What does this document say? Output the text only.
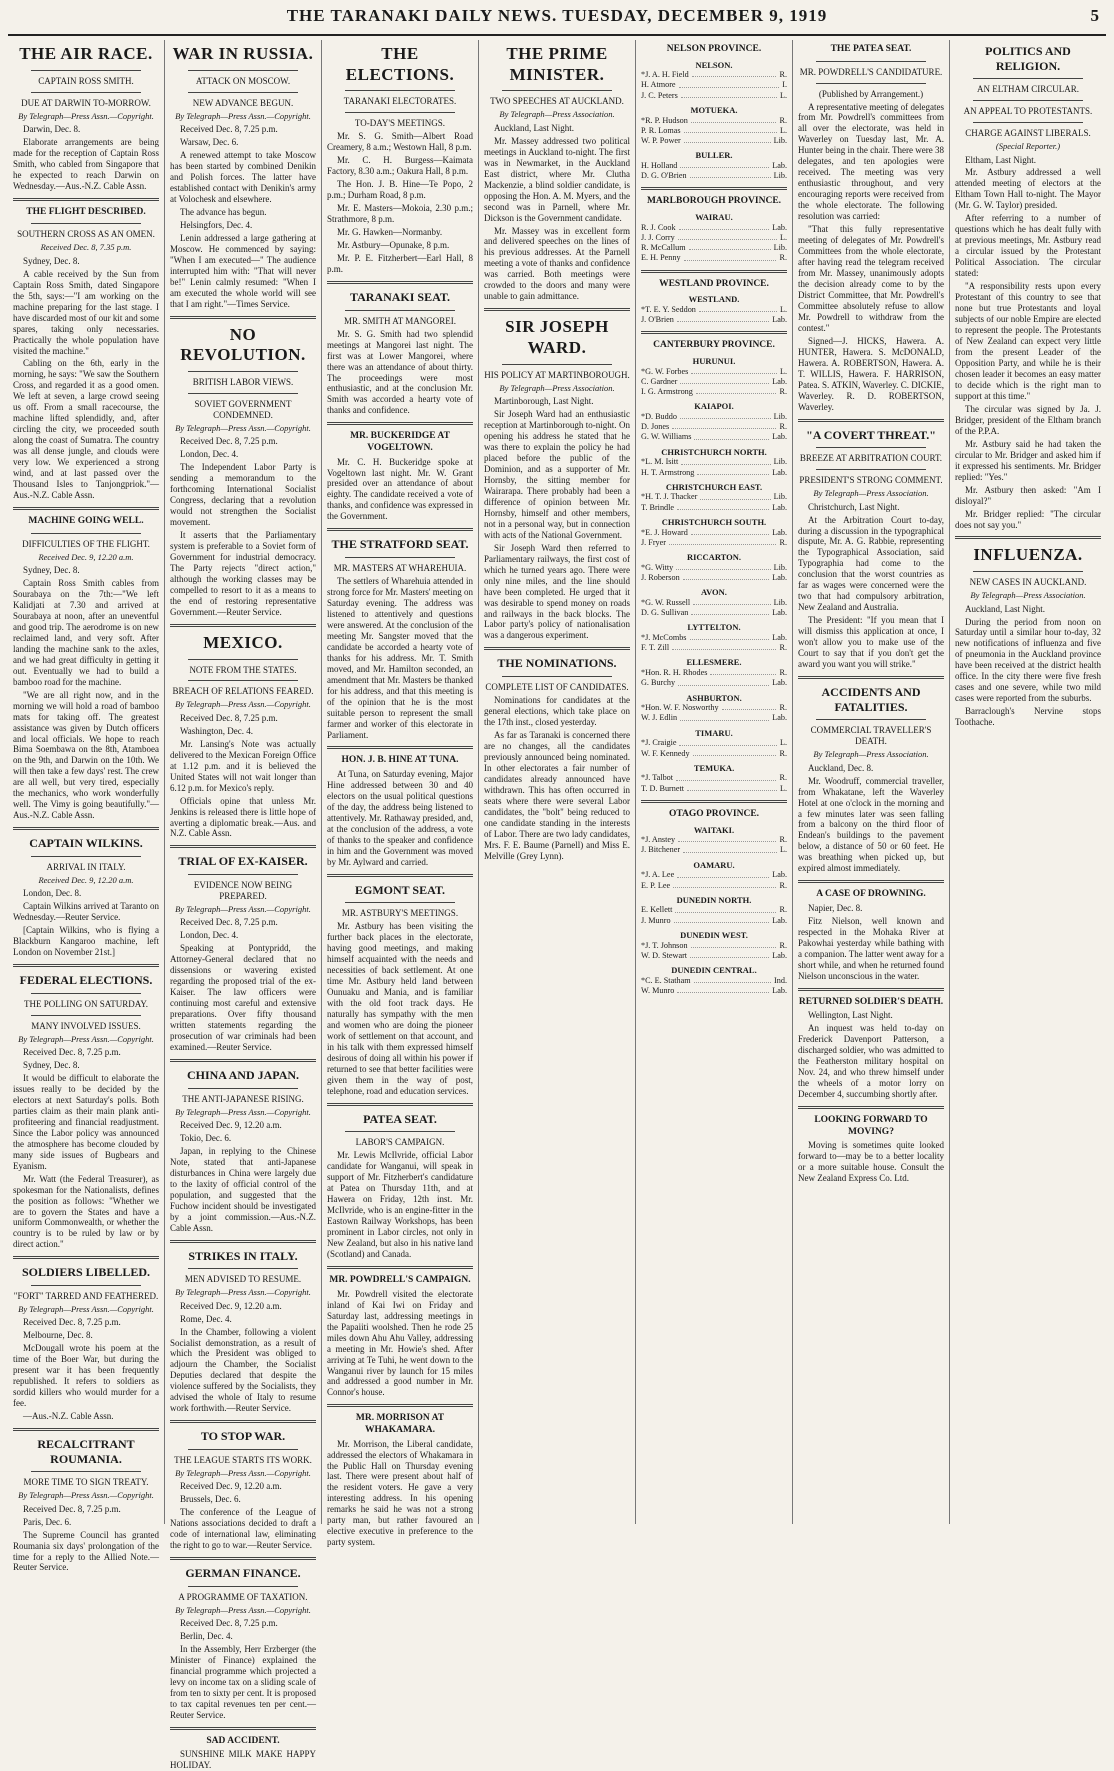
THE TARANAKI DAILY NEWS. TUESDAY, DECEMBER 9, 1919	5
THE AIR RACE.
CAPTAIN ROSS SMITH.
DUE AT DARWIN TO-MORROW.
By Telegraph—Press Assn.—Copyright.

Darwin, Dec. 8.

Elaborate arrangements are being made for the reception of Captain Ross Smith, who cabled from Singapore that he expected to reach Darwin on Wednesday.—Aus.-N.Z. Cable Assn.

THE FLIGHT DESCRIBED.
SOUTHERN CROSS AS AN OMEN.
Received Dec. 8, 7.35 p.m.

Sydney, Dec. 8.

A cable received by the Sun from Captain Ross Smith, dated Singapore the 5th, says:—"I am working on the machine preparing for the last stage. I have discarded most of our kit and some spares, taking only necessaries. Practically the whole population have visited the machine."

Cabling on the 6th, early in the morning, he says: "We saw the Southern Cross, and regarded it as a good omen. We left at seven, a large crowd seeing us off. From a small racecourse, the machine lifted splendidly, and, after circling the city, we proceeded south along the coast of Sumatra. The country was all dense jungle, and clouds were very low. We experienced a strong wind, and at last passed over the Thousand Isles to Tanjongpriok."—Aus.-N.Z. Cable Assn.

MACHINE GOING WELL.
DIFFICULTIES OF THE FLIGHT.
Received Dec. 9, 12.20 a.m.

Sydney, Dec. 8.

Captain Ross Smith cables from Sourabaya on the 7th:—"We left Kalidjati at 7.30 and arrived at Sourabaya at noon, after an uneventful and good trip. The aerodrome is on new reclaimed land, and very soft. After landing the machine sank to the axles, and we had great difficulty in getting it out. Eventually we had to build a bamboo road for the machine.

"We are all right now, and in the morning we will hold a road of bamboo mats for taking off. The greatest assistance was given by Dutch officers and local officials. We hope to reach Bima Soembawa on the 8th, Atamboea on the 9th, and Darwin on the 10th. We will then take a few days' rest. The crew are all well, but very tired, especially the mechanics, who work wonderfully well. The Vimy is going beautifully."—Aus.-N.Z. Cable Assn.

CAPTAIN WILKINS.
ARRIVAL IN ITALY.
Received Dec. 9, 12.20 a.m.

London, Dec. 8.

Captain Wilkins arrived at Taranto on Wednesday.—Reuter Service.

[Captain Wilkins, who is flying a Blackburn Kangaroo machine, left London on November 21st.]

FEDERAL ELECTIONS.
THE POLLING ON SATURDAY.
MANY INVOLVED ISSUES.
By Telegraph—Press Assn.—Copyright.

Received Dec. 8, 7.25 p.m.

Sydney, Dec. 8.

It would be difficult to elaborate the issues really to be decided by the electors at next Saturday's polls. Both parties claim as their main plank anti-profiteering and financial readjustment. Since the Labor policy was announced the atmosphere has become clouded by many side issues of Bugbears and Eyanism.

Mr. Watt (the Federal Treasurer), as spokesman for the Nationalists, defines the position as follows: "Whether we are to govern the States and have a uniform Commonwealth, or whether the country is to be ruled by law or by direct action."

SOLDIERS LIBELLED.
"FORT" TARRED AND FEATHERED.
By Telegraph—Press Assn.—Copyright.

Received Dec. 8, 7.25 p.m.

Melbourne, Dec. 8.

McDougall wrote his poem at the time of the Boer War, but during the present war it has been frequently republished. It refers to soldiers as sordid killers who would murder for a fee.

—Aus.-N.Z. Cable Assn.

RECALCITRANT ROUMANIA.
MORE TIME TO SIGN TREATY.
By Telegraph—Press Assn.—Copyright.

Received Dec. 8, 7.25 p.m.

Paris, Dec. 6.

The Supreme Council has granted Roumania six days' prolongation of the time for a reply to the Allied Note.—Reuter Service.

WAR IN RUSSIA.
ATTACK ON MOSCOW.
NEW ADVANCE BEGUN.
By Telegraph—Press Assn.—Copyright.

Received Dec. 8, 7.25 p.m.

Warsaw, Dec. 6.

A renewed attempt to take Moscow has been started by combined Denikin and Polish forces. The latter have established contact with Denikin's army at Volochesk and elsewhere.

The advance has begun.

Helsingfors, Dec. 4.

Lenin addressed a large gathering at Moscow. He commenced by saying: "When I am executed—" The audience interrupted him with: "That will never be!" Lenin calmly resumed: "When I am executed the whole world will see that I am right."—Times Service.

NO REVOLUTION.
BRITISH LABOR VIEWS.
SOVIET GOVERNMENT CONDEMNED.
By Telegraph—Press Assn.—Copyright.

Received Dec. 8, 7.25 p.m.

London, Dec. 4.

The Independent Labor Party is sending a memorandum to the forthcoming International Socialist Congress, declaring that a revolution would not strengthen the Socialist movement.

It asserts that the Parliamentary system is preferable to a Soviet form of Government for industrial democracy. The Party rejects "direct action," although the working classes may be compelled to resort to it as a means to the end of restoring representative Government.—Reuter Service.

MEXICO.
NOTE FROM THE STATES.
BREACH OF RELATIONS FEARED.
By Telegraph—Press Assn.—Copyright.

Received Dec. 8, 7.25 p.m.

Washington, Dec. 4.

Mr. Lansing's Note was actually delivered to the Mexican Foreign Office at 1.12 p.m. and it is believed the United States will not wait longer than 6.12 p.m. for Mexico's reply.

Officials opine that unless Mr. Jenkins is released there is little hope of averting a diplomatic break.—Aus. and N.Z. Cable Assn.

TRIAL OF EX-KAISER.
EVIDENCE NOW BEING PREPARED.
By Telegraph—Press Assn.—Copyright.

Received Dec. 8, 7.25 p.m.

London, Dec. 4.

Speaking at Pontypridd, the Attorney-General declared that no dissensions or wavering existed regarding the proposed trial of the ex-Kaiser. The law officers were continuing most careful and extensive preparations. Over fifty thousand written statements regarding the prosecution of war criminals had been examined.—Reuter Service.

CHINA AND JAPAN.
THE ANTI-JAPANESE RISING.
By Telegraph—Press Assn.—Copyright.

Received Dec. 9, 12.20 a.m.

Tokio, Dec. 6.

Japan, in replying to the Chinese Note, stated that anti-Japanese disturbances in China were largely due to the laxity of official control of the population, and suggested that the Fuchow incident should be investigated by a joint commission.—Aus.-N.Z. Cable Assn.

STRIKES IN ITALY.
MEN ADVISED TO RESUME.
By Telegraph—Press Assn.—Copyright.

Received Dec. 9, 12.20 a.m.

Rome, Dec. 4.

In the Chamber, following a violent Socialist demonstration, as a result of which the President was obliged to adjourn the Chamber, the Socialist Deputies declared that despite the violence suffered by the Socialists, they advised the whole of Italy to resume work forthwith.—Reuter Service.

TO STOP WAR.
THE LEAGUE STARTS ITS WORK.
By Telegraph—Press Assn.—Copyright.

Received Dec. 9, 12.20 a.m.

Brussels, Dec. 6.

The conference of the League of Nations associations decided to draft a code of international law, eliminating the right to go to war.—Reuter Service.

GERMAN FINANCE.
A PROGRAMME OF TAXATION.
By Telegraph—Press Assn.—Copyright.

Received Dec. 8, 7.25 p.m.

Berlin, Dec. 4.

In the Assembly, Herr Erzberger (the Minister of Finance) explained the financial programme which projected a levy on income tax on a sliding scale of from ten to sixty per cent. It is proposed to tax capital revenues ten per cent.—Reuter Service.

SAD ACCIDENT.

SUNSHINE MILK MAKE HAPPY HOLIDAY.

THE ELECTIONS.
TARANAKI ELECTORATES.
TO-DAY'S MEETINGS.

Mr. S. G. Smith—Albert Road Creamery, 8 a.m.; Westown Hall, 8 p.m.

Mr. C. H. Burgess—Kaimata Factory, 8.30 a.m.; Oakura Hall, 8 p.m.

The Hon. J. B. Hine—Te Popo, 2 p.m.; Durham Road, 8 p.m.

Mr. E. Masters—Mokoia, 2.30 p.m.; Strathmore, 8 p.m.

Mr. G. Hawken—Normanby.

Mr. Astbury—Opunake, 8 p.m.

Mr. P. E. Fitzherbert—Earl Hall, 8 p.m.

TARANAKI SEAT.
MR. SMITH AT MANGOREI.

Mr. S. G. Smith had two splendid meetings at Mangorei last night. The first was at Lower Mangorei, where there was an attendance of about thirty. The proceedings were most enthusiastic, and at the conclusion Mr. Smith was accorded a hearty vote of thanks and confidence.

MR. BUCKERIDGE AT VOGELTOWN.

Mr. C. H. Buckeridge spoke at Vogeltown last night. Mr. W. Grant presided over an attendance of about eighty. The candidate received a vote of thanks, and confidence was expressed in the Government.

THE STRATFORD SEAT.
MR. MASTERS AT WHAREHUIA.

The settlers of Wharehuia attended in strong force for Mr. Masters' meeting on Saturday evening. The address was listened to attentively and questions were answered. At the conclusion of the meeting Mr. Sangster moved that the candidate be accorded a hearty vote of thanks for his address. Mr. T. Smith moved, and Mr. Hamilton seconded, an amendment that Mr. Masters be thanked for his address, and that this meeting is of the opinion that he is the most suitable person to represent the small farmer and worker of this electorate in Parliament.

HON. J. B. HINE AT TUNA.

At Tuna, on Saturday evening, Major Hine addressed between 30 and 40 electors on the usual political questions of the day, the address being listened to attentively. Mr. Rathaway presided, and, at the conclusion of the address, a vote of thanks to the speaker and confidence in him and the Government was moved by Mr. Aylward and carried.

EGMONT SEAT.
MR. ASTBURY'S MEETINGS.

Mr. Astbury has been visiting the further back places in the electorate, having good meetings, and making himself acquainted with the needs and necessities of back settlement. At one time Mr. Astbury held land between Ounuaku and Mania, and is familiar with the old foot track days. He naturally has sympathy with the men and women who are doing the pioneer work of settlement on that account, and in his talk with them expressed himself desirous of doing all within his power if returned to see that better facilities were given them in the way of post, telephone, road and education services.

PATEA SEAT.
LABOR'S CAMPAIGN.

Mr. Lewis McIlvride, official Labor candidate for Wanganui, will speak in support of Mr. Fitzherbert's candidature at Patea on Thursday 11th, and at Hawera on Friday, 12th inst. Mr. McIlvride, who is an engine-fitter in the Eastown Railway Workshops, has been prominent in Labor circles, not only in New Zealand, but also in his native land (Scotland) and Canada.

MR. POWDRELL'S CAMPAIGN.

Mr. Powdrell visited the electorate inland of Kai Iwi on Friday and Saturday last, addressing meetings in the Papaiiti woolshed. Then he rode 25 miles down Ahu Ahu Valley, addressing a meeting in Mr. Howie's shed. After arriving at Te Tuhi, he went down to the Wanganui river by launch for 15 miles and addressed a good number in Mr. Connor's house.

MR. MORRISON AT WHAKAMARA.

Mr. Morrison, the Liberal candidate, addressed the electors of Whakamara in the Public Hall on Thursday evening last. There were present about half of the resident voters. He gave a very interesting address. In his opening remarks he said he was not a strong party man, but rather favoured an elective executive in preference to the party system.

THE PRIME MINISTER.
TWO SPEECHES AT AUCKLAND.
By Telegraph—Press Association.

Auckland, Last Night.

Mr. Massey addressed two political meetings in Auckland to-night. The first was in Newmarket, in the Auckland East district, where Mr. Clutha Mackenzie, a blind soldier candidate, is opposing the Hon. A. M. Myers, and the second was in Parnell, where Mr. Dickson is the Government candidate.

Mr. Massey was in excellent form and delivered speeches on the lines of his previous addresses. At the Parnell meeting a vote of thanks and confidence was carried. Both meetings were crowded to the doors and many were unable to gain admittance.

SIR JOSEPH WARD.
HIS POLICY AT MARTINBOROUGH.
By Telegraph—Press Association.

Martinborough, Last Night.

Sir Joseph Ward had an enthusiastic reception at Martinborough to-night. On opening his address he stated that he was there to explain the policy he had placed before the public of the Dominion, and as a supporter of Mr. Hornsby, the sitting member for Wairarapa. There probably had been a difference of opinion between Mr. Hornsby, himself and other members, not in a personal way, but in connection with acts of the National Government.

Sir Joseph Ward then referred to Parliamentary railways, the first cost of which he turned years ago. There were only nine miles, and the line should have been completed. He urged that it was desirable to spend money on roads and railways in the back blocks. The Labor party's policy of nationalisation was a dangerous experiment.

THE NOMINATIONS.
COMPLETE LIST OF CANDIDATES.

Nominations for candidates at the general elections, which take place on the 17th inst., closed yesterday.

As far as Taranaki is concerned there are no changes, all the candidates previously announced being nominated. In other electorates a fair number of candidates already announced have withdrawn. This has often occurred in seats where there were several Labor candidates, the "bolt" being reduced to one candidate standing in the interests of Labor. There are two lady candidates, Mrs. F. E. Baume (Parnell) and Miss E. Melville (Grey Lynn).

NELSON PROVINCE.
NELSON.
*J. A. H. Field	R.
H. Atmore	I.
J. C. Peters	L.
MOTUEKA.
*R. P. Hudson	R.
P. R. Lomas	L.
W. P. Power	Lib.
BULLER.
H. Holland	Lab.
D. G. O'Brien	Lib.
MARLBOROUGH PROVINCE.
WAIRAU.
R. J. Cook	Lab.
J. J. Corry	L.
R. McCallum	Lib.
E. H. Penny	R.
WESTLAND PROVINCE.
WESTLAND.
*T. E. Y. Seddon	L.
J. O'Brien	Lab.
CANTERBURY PROVINCE.
HURUNUI.
*G. W. Forbes	L.
C. Gardner	Lab.
I. G. Armstrong	R.
KAIAPOI.
*D. Buddo	Lib.
D. Jones	R.
G. W. Williams	Lab.
CHRISTCHURCH NORTH.
*L. M. Isitt	Lib.
H. T. Armstrong	Lab.
CHRISTCHURCH EAST.
*H. T. J. Thacker	Lib.
T. Brindle	Lab.
CHRISTCHURCH SOUTH.
*E. J. Howard	Lab.
J. Fryer	R.
RICCARTON.
*G. Witty	Lib.
J. Roberson	Lab.
AVON.
*G. W. Russell	Lib.
D. G. Sullivan	Lab.
LYTTELTON.
*J. McCombs	Lab.
F. T. Zill	R.
ELLESMERE.
*Hon. R. H. Rhodes	R.
G. Burchy	Lab.
ASHBURTON.
*Hon. W. F. Nosworthy	R.
W. J. Edlin	Lab.
TIMARU.
*J. Craigie	L.
W. F. Kennedy	R.
TEMUKA.
*J. Talbot	R.
T. D. Burnett	L.
OTAGO PROVINCE.
WAITAKI.
*J. Anstey	R.
J. Bitchener	L.
OAMARU.
*J. A. Lee	Lab.
E. P. Lee	R.
DUNEDIN NORTH.
E. Kellett	R.
J. Munro	Lab.
DUNEDIN WEST.
*J. T. Johnson	R.
W. D. Stewart	Lab.
DUNEDIN CENTRAL.
*C. E. Statham	Ind.
W. Munro	Lab.
THE PATEA SEAT.
MR. POWDRELL'S CANDIDATURE.
(Published by Arrangement.)

A representative meeting of delegates from Mr. Powdrell's committees from all over the electorate, was held in Waverley on Tuesday last, Mr. A. Hunter being in the chair. There were 38 delegates, and ten apologies were received. The meeting was very enthusiastic throughout, and very encouraging reports were received from the whole electorate. The following resolution was carried:

"That this fully representative meeting of delegates of Mr. Powdrell's Committees from the whole electorate, after having read the telegram received from Mr. Massey, unanimously adopts the decision already come to by the District Committee, that Mr. Powdrell's Committee absolutely refuse to allow Mr. Powdrell to withdraw from the contest."

Signed—J. HICKS, Hawera. A. HUNTER, Hawera. S. McDONALD, Hawera. A. ROBERTSON, Hawera. A. T. WILLIS, Hawera. F. HARRISON, Patea. S. ATKIN, Waverley. C. DICKIE, Waverley. R. D. ROBERTSON, Waverley.

"A COVERT THREAT."
BREEZE AT ARBITRATION COURT.
PRESIDENT'S STRONG COMMENT.
By Telegraph—Press Association.

Christchurch, Last Night.

At the Arbitration Court to-day, during a discussion in the typographical dispute, Mr. A. G. Rabbie, representing the Typographical Association, said Typographia had come to the conclusion that the worst countries as far as wages were concerned were the two that had compulsory arbitration, New Zealand and Australia.

The President: "If you mean that I will dismiss this application at once, I won't allow you to make use of the Court to say that if you don't get the award you want you will strike."

ACCIDENTS AND FATALITIES.
COMMERCIAL TRAVELLER'S DEATH.
By Telegraph—Press Association.

Auckland, Dec. 8.

Mr. Woodruff, commercial traveller, from Whakatane, left the Waverley Hotel at one o'clock in the morning and a few minutes later was seen falling from a balcony on the third floor of Endean's buildings to the pavement below, a distance of 50 or 60 feet. He was breathing when picked up, but expired almost immediately.

A CASE OF DROWNING.

Napier, Dec. 8.

Fitz Nielson, well known and respected in the Mohaka River at Pakowhai yesterday while bathing with a companion. The latter went away for a short while, and when he returned found Nielson unconscious in the water.

RETURNED SOLDIER'S DEATH.

Wellington, Last Night.

An inquest was held to-day on Frederick Davenport Patterson, a discharged soldier, who was admitted to the Featherston military hospital on Nov. 24, and who threw himself under the wheels of a motor lorry on December 4, succumbing shortly after.

LOOKING FORWARD TO MOVING?

Moving is sometimes quite looked forward to—may be to a better locality or a more suitable house. Consult the New Zealand Express Co. Ltd.

POLITICS AND RELIGION.
AN ELTHAM CIRCULAR.
AN APPEAL TO PROTESTANTS.
CHARGE AGAINST LIBERALS.
(Special Reporter.)

Eltham, Last Night.

Mr. Astbury addressed a well attended meeting of electors at the Eltham Town Hall to-night. The Mayor (Mr. G. W. Taylor) presided.

After referring to a number of questions which he has dealt fully with at previous meetings, Mr. Astbury read a circular issued by the Protestant Political Association. The circular stated:

"A responsibility rests upon every Protestant of this country to see that none but true Protestants and loyal subjects of our noble Empire are elected to represent the people. The Protestants of New Zealand can expect very little from the present Leader of the Opposition Party, and while he is their chosen leader it becomes an easy matter to decide which is the right man to support at this time."

The circular was signed by Ja. J. Bridger, president of the Eltham branch of the P.P.A.

Mr. Astbury said he had taken the circular to Mr. Bridger and asked him if it expressed his sentiments. Mr. Bridger replied: "Yes."

Mr. Astbury then asked: "Am I disloyal?"

Mr. Bridger replied: "The circular does not say you."

INFLUENZA.
NEW CASES IN AUCKLAND.
By Telegraph—Press Association.

Auckland, Last Night.

During the period from noon on Saturday until a similar hour to-day, 32 new notifications of influenza and five of pneumonia in the Auckland province have been received at the district health office. In the city there were five fresh cases and one severe, while two mild cases were reported from the suburbs.

Barraclough's Nervine stops Toothache.
